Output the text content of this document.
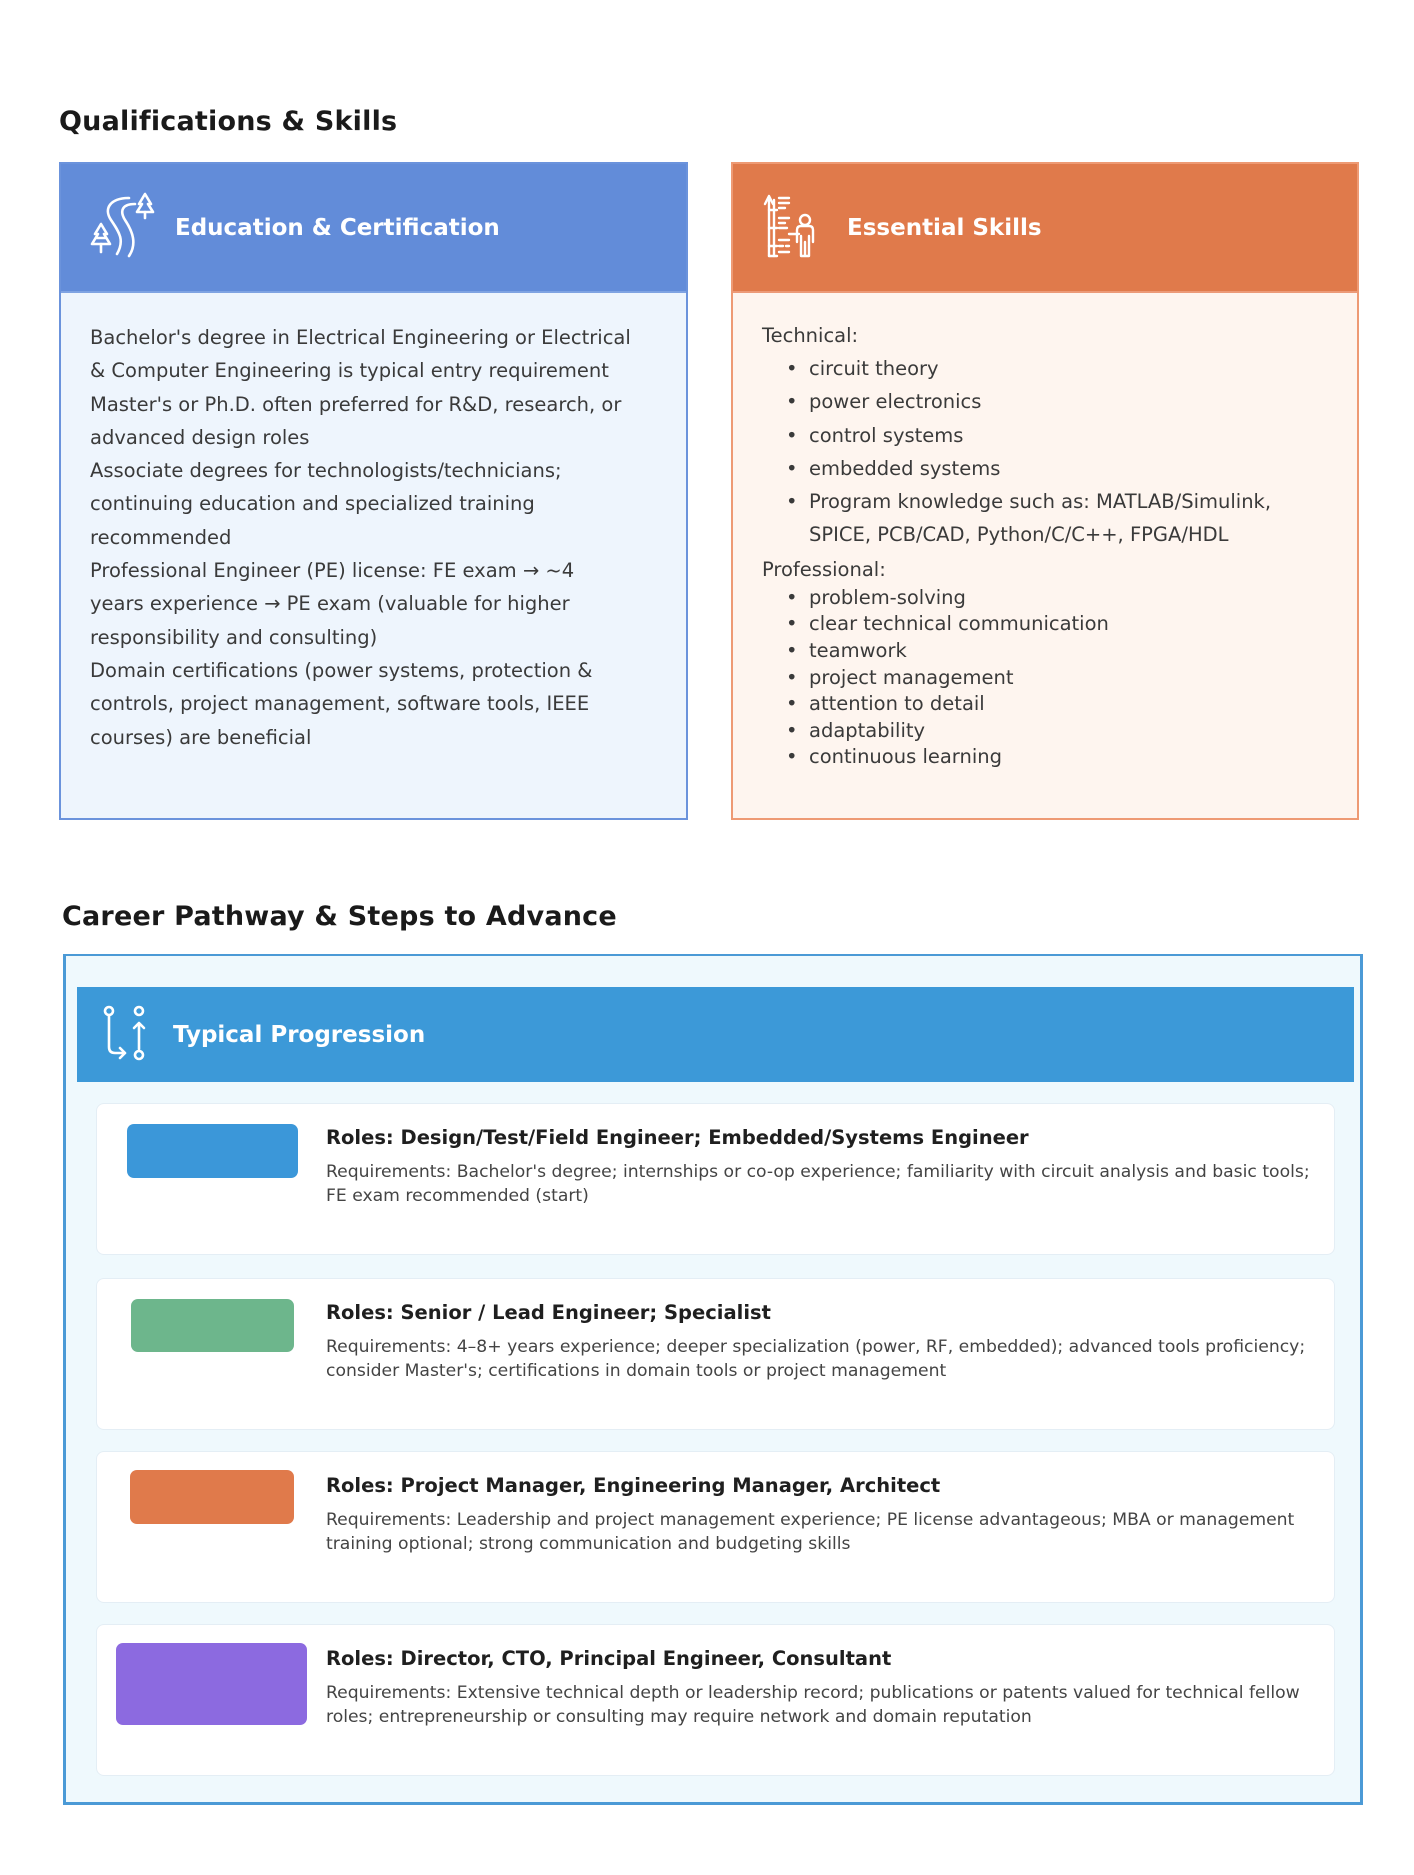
Qualifications & Skills
Education & Certification
Bachelor's degree in Electrical Engineering or Electrical
& Computer Engineering is typical entry requirement
Master's or Ph.D. often preferred for R&D, research, or
advanced design roles
Associate degrees for technologists/technicians;
continuing education and specialized training
recommended
Professional Engineer (PE) license: FE exam → ~4
years experience → PE exam (valuable for higher
responsibility and consulting)
Domain certifications (power systems, protection &
controls, project management, software tools, IEEE
courses) are beneficial
Essential Skills
Technical:
• circuit theory
• power electronics
• control systems
• embedded systems
• Program knowledge such as: MATLAB/Simulink,
SPICE, PCB/CAD, Python/C/C++, FPGA/HDL
Professional:
• problem-solving
• clear technical communication
• teamwork
• project management
• attention to detail
• adaptability
• continuous learning
Career Pathway & Steps to Advance
Typical Progression
Roles: Design/Test/Field Engineer; Embedded/Systems Engineer
Requirements: Bachelor's degree; internships or co-op experience; familiarity with circuit analysis and basic tools; FE exam recommended (start)
Roles: Senior / Lead Engineer; Specialist
Requirements: 4–8+ years experience; deeper specialization (power, RF, embedded); advanced tools proficiency; consider Master's; certifications in domain tools or project management
Roles: Project Manager, Engineering Manager, Architect
Requirements: Leadership and project management experience; PE license advantageous; MBA or management training optional; strong communication and budgeting skills
Roles: Director, CTO, Principal Engineer, Consultant
Requirements: Extensive technical depth or leadership record; publications or patents valued for technical fellow roles; entrepreneurship or consulting may require network and domain reputation
